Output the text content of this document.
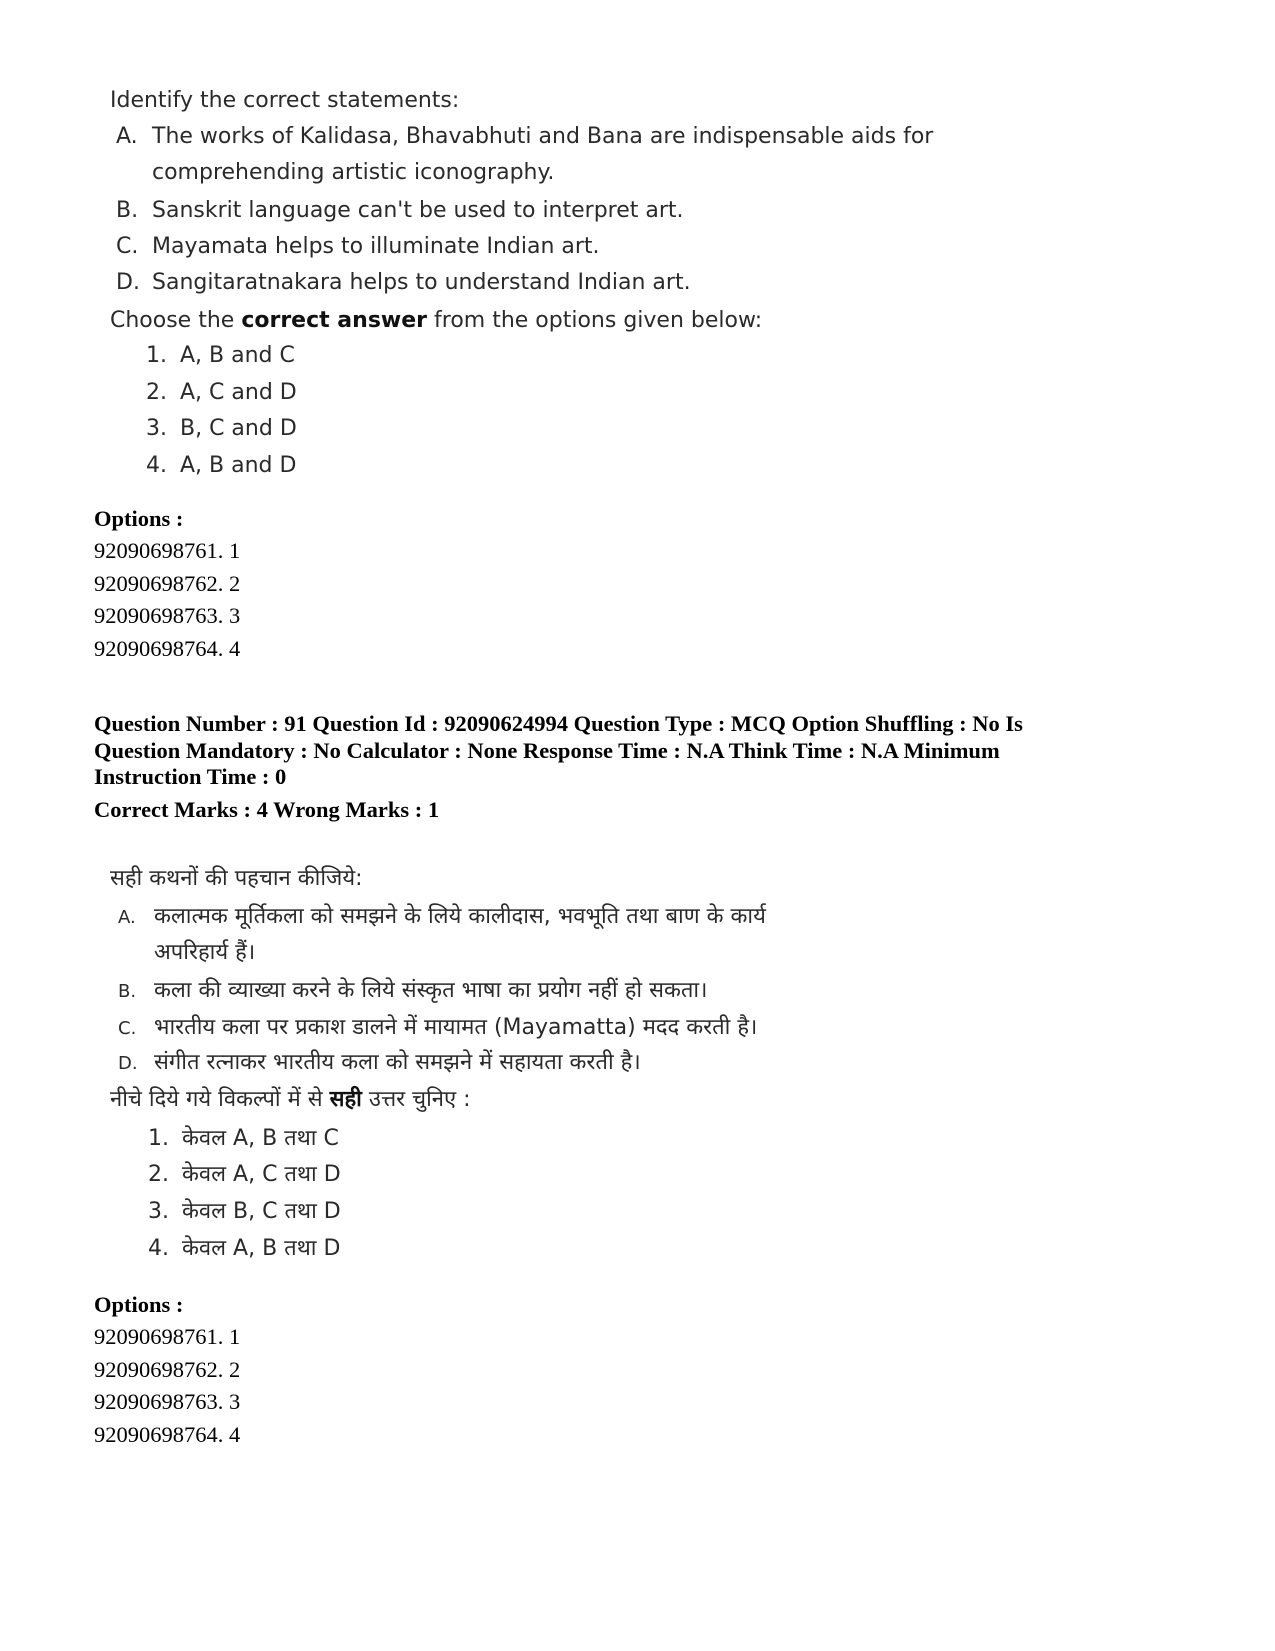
Identify the correct statements:
A. The works of Kalidasa, Bhavabhuti and Bana are indispensable aids for
comprehending artistic iconography.
B. Sanskrit language can't be used to interpret art.
C. Mayamata helps to illuminate Indian art.
D. Sangitaratnakara helps to understand Indian art.
Choose the correct answer from the options given below:
1. A, B and C
2. A, C and D
3. B, C and D
4. A, B and D
Options :
92090698761. 1
92090698762. 2
92090698763. 3
92090698764. 4
Question Number : 91 Question Id : 92090624994 Question Type : MCQ Option Shuffling : No Is
Question Mandatory : No Calculator : None Response Time : N.A Think Time : N.A Minimum
Instruction Time : 0
Correct Marks : 4 Wrong Marks : 1
सही कथनों की पहचान कीजिये:
A. कलात्मक मूर्तिकला को समझने के लिये कालीदास, भवभूति तथा बाण के कार्य
अपरिहार्य हैं।
B. कला की व्याख्या करने के लिये संस्कृत भाषा का प्रयोग नहीं हो सकता।
C. भारतीय कला पर प्रकाश डालने में मायामत (Mayamatta) मदद करती है।
D. संगीत रत्नाकर भारतीय कला को समझने में सहायता करती है।
नीचे दिये गये विकल्पों में से सही उत्तर चुनिए :
1. केवल A, B तथा C
2. केवल A, C तथा D
3. केवल B, C तथा D
4. केवल A, B तथा D
Options :
92090698761. 1
92090698762. 2
92090698763. 3
92090698764. 4
